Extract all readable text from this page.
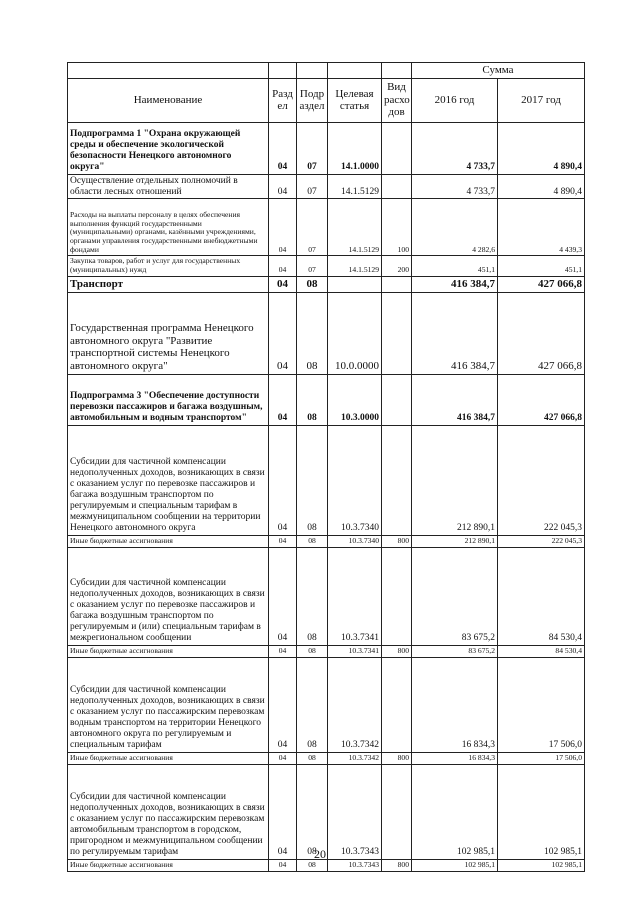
					Сумма	
Наименование	Разд ел	Подр аздел	Целевая статья	Вид расхо дов	2016 год	2017 год
Подпрограмма 1 "Охрана окружающей среды и обеспечение экологической безопасности Ненецкого автономного округа"	04	07	14.1.0000		4 733,7	4 890,4
Осуществление отдельных полномочий в области лесных отношений	04	07	14.1.5129		4 733,7	4 890,4
Расходы на выплаты персоналу в целях обеспечения выполнения функций государственными (муниципальными) органами, казёнными учреждениями, органами управления государственными внебюджетными фондами	04	07	14.1.5129	100	4 282,6	4 439,3
Закупка товаров, работ и услуг для государственных (муниципальных) нужд	04	07	14.1.5129	200	451,1	451,1
Транспорт	04	08			416 384,7	427 066,8
Государственная программа Ненецкого автономного округа "Развитие транспортной системы Ненецкого автономного округа"	04	08	10.0.0000		416 384,7	427 066,8
Подпрограмма 3 "Обеспечение доступности перевозки пассажиров и багажа воздушным, автомобильным и водным транспортом"	04	08	10.3.0000		416 384,7	427 066,8
Субсидии для частичной компенсации недополученных доходов, возникающих в связи с оказанием услуг по перевозке пассажиров и багажа воздушным транспортом по регулируемым и специальным тарифам в межмуниципальном сообщении на территории Ненецкого автономного округа	04	08	10.3.7340		212 890,1	222 045,3
Иные бюджетные ассигнования	04	08	10.3.7340	800	212 890,1	222 045,3
Субсидии для частичной компенсации недополученных доходов, возникающих в связи с оказанием услуг по перевозке пассажиров и багажа воздушным транспортом по регулируемым и (или) специальным тарифам в межрегиональном сообщении	04	08	10.3.7341		83 675,2	84 530,4
Иные бюджетные ассигнования	04	08	10.3.7341	800	83 675,2	84 530,4
Субсидии для частичной компенсации недополученных доходов, возникающих в связи с оказанием услуг по пассажирским перевозкам водным транспортом на территории Ненецкого автономного округа по регулируемым и специальным тарифам	04	08	10.3.7342		16 834,3	17 506,0
Иные бюджетные ассигнования	04	08	10.3.7342	800	16 834,3	17 506,0
Субсидии для частичной компенсации недополученных доходов, возникающих в связи с оказанием услуг по пассажирским перевозкам автомобильным транспортом в городском, пригородном и межмуниципальном сообщении по регулируемым тарифам	04	08	10.3.7343		102 985,1	102 985,1
Иные бюджетные ассигнования	04	08	10.3.7343	800	102 985,1	102 985,1
20
